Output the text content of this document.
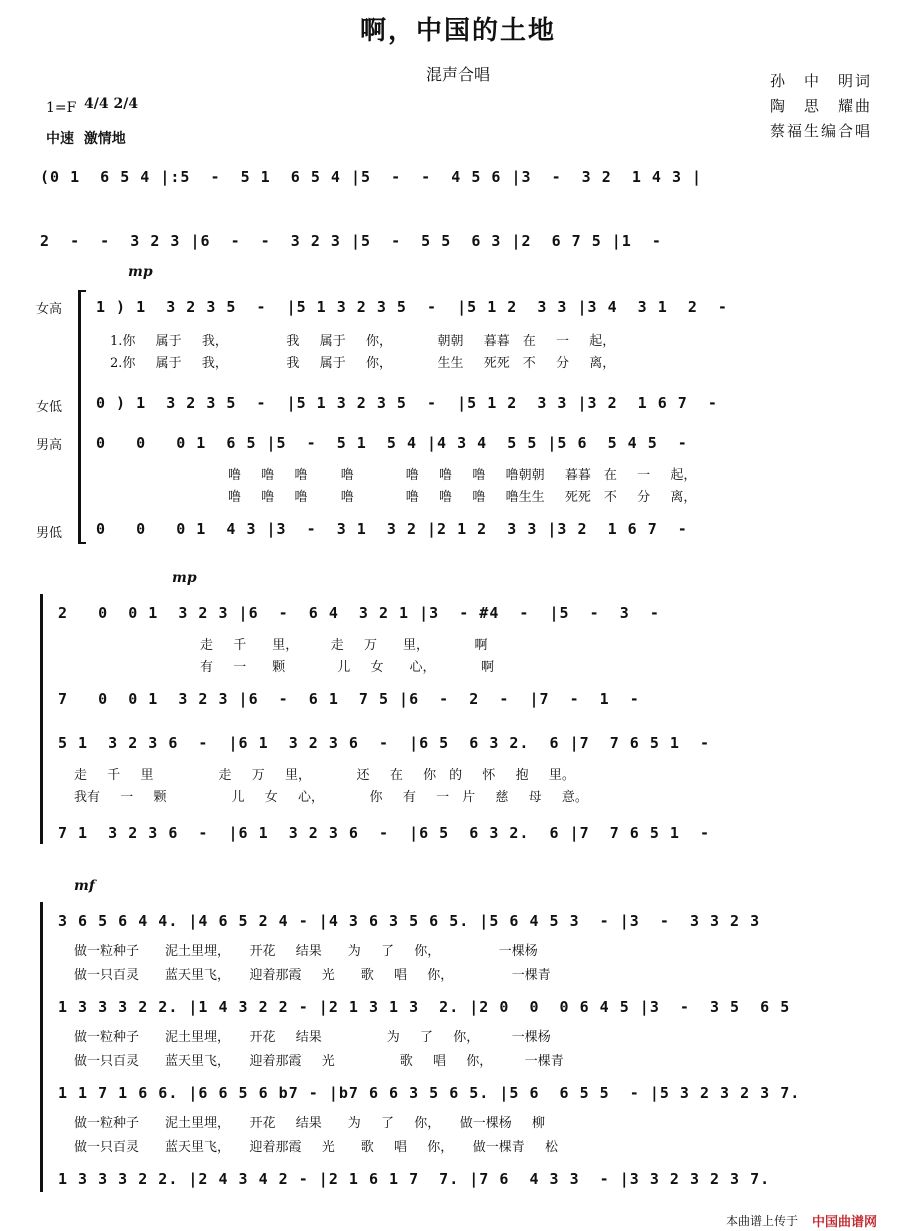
啊，中国的土地
混声合唱	孙　中　明词
陶　思　耀曲
蔡福生编合唱
1=F 4/4 2/4
中速  激情地
(0 1  6 5 4 |:5  -  5 1  6 5 4 |5  -  -  4 5 6 |3  -  3 2  1 4 3 |
2  -  -  3 2 3 |6  -  -  3 2 3 |5  -  5 5  6 3 |2  6 7 5 |1  -
mp
女高 1 ) 1  3 2 3 5  -  |5 1 3 2 3 5  -  |5 1 2  3 3 |3 4  3 1  2  -
1.你  属于  我，　　　　　我  属于  你，　　　　朝朝  暮暮　在  一  起，
2.你  属于  我，　　　　　我  属于  你，　　　　生生  死死　不  分  离，
女低 0 ) 1  3 2 3 5  -  |5 1 3 2 3 5  -  |5 1 2  3 3 |3 2  1 6 7  -
男高 0   0   0 1  6 5 |5  -  5 1  5 4 |4 3 4  5 5 |5 6  5 4 5  -
噜  噜  噜　  噜　　　　噜  噜  噜  噜朝朝  暮暮　在  一  起，
噜  噜  噜　  噜　　　　噜  噜  噜  噜生生  死死　不  分  离，
男低 0   0   0 1  4 3 |3  -  3 1  3 2 |2 1 2  3 3 |3 2  1 6 7  -
mp
2   0  0 1  3 2 3 |6  -  6 4  3 2 1 |3  - #4  -  |5  -  3  -
走  千　　里，　　　走  万　　里，　　　　啊
有  一　　颗　　　　儿  女　　心，　　　　啊
7   0  0 1  3 2 3 |6  -  6 1  7 5 |6  -  2  -  |7  -  1  -
5 1  3 2 3 6  -  |6 1  3 2 3 6  -  |6 5  6 3 2.  6 |7  7 6 5 1  -
走  千  里　　　　　走  万  里，　　　　还  在  你　的  怀  抱  里。
我有  一  颗　　　　　儿  女  心，　　　　你  有  一　片  慈  母  意。
7 1  3 2 3 6  -  |6 1  3 2 3 6  -  |6 5  6 3 2.  6 |7  7 6 5 1  -
mf
3 6 5 6 4 4. |4 6 5 2 4 - |4 3 6 3 5 6 5. |5 6 4 5 3  - |3  -  3 3 2 3
做一粒种子　　泥土里埋，　　开花  结果　　为  了  你，　　　　　一棵杨
做一只百灵　　蓝天里飞，　　迎着那霞  光　　歌  唱  你，　　　　　一棵青
1 3 3 3 2 2. |1 4 3 2 2 - |2 1 3 1 3  2. |2 0  0  0 6 4 5 |3  -  3 5  6 5
做一粒种子　　泥土里埋，　　开花  结果　　　　　为  了  你，　　　一棵杨
做一只百灵　　蓝天里飞，　　迎着那霞  光　　　　　歌  唱  你，　　　一棵青
1 1 7 1 6 6. |6 6 5 6 b7 - |b7 6 6 3 5 6 5. |5 6  6 5 5  - |5 3 2 3 2 3 7.
做一粒种子　　泥土里埋，　　开花  结果　　为  了  你，　　做一棵杨  柳
做一只百灵　　蓝天里飞，　　迎着那霞  光　　歌  唱  你，　　做一棵青  松
1 3 3 3 2 2. |2 4 3 4 2 - |2 1 6 1 7  7. |7 6  4 3 3  - |3 3 2 3 2 3 7.
本曲谱上传于 中国曲谱网
